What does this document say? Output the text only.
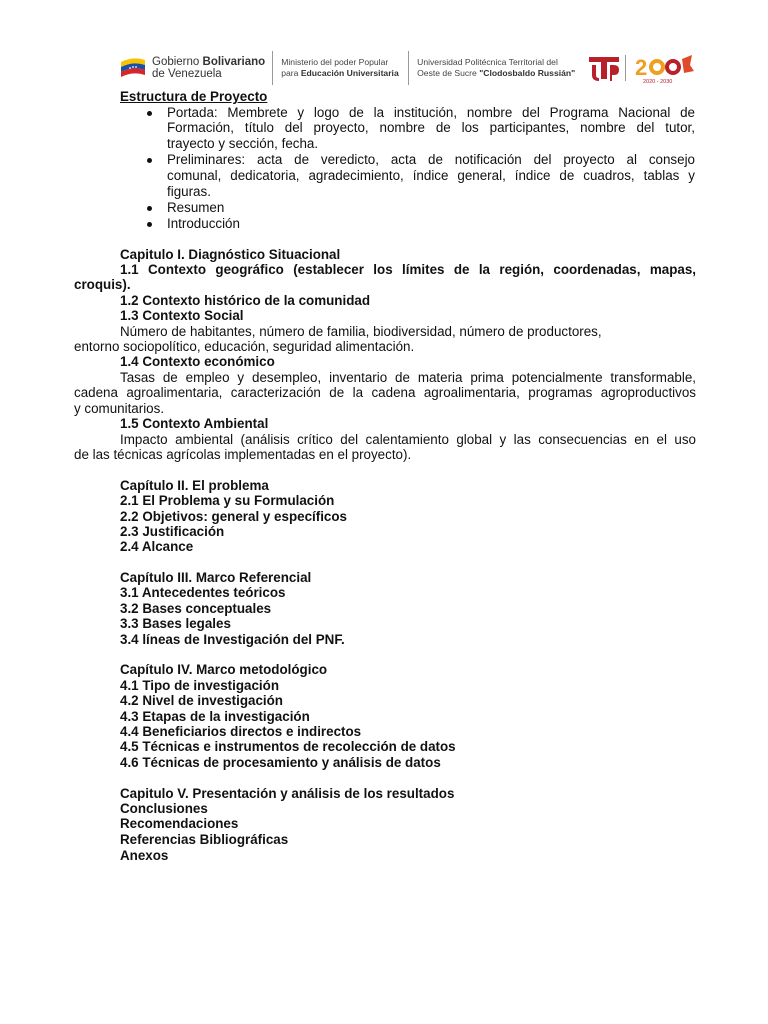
Gobierno Bolivariano
de Venezuela
Ministerio del poder Popular
para Educación Universitaria
Universidad Politécnica Territorial del
Oeste de Sucre "Clodosbaldo Russián"	2
2020 - 2030
Estructura de Proyecto
Portada: Membrete y logo de la institución, nombre del Programa Nacional de
Formación, título del proyecto, nombre de los participantes, nombre del tutor,
trayecto y sección, fecha.
Preliminares: acta de veredicto, acta de notificación del proyecto al consejo
comunal, dedicatoria, agradecimiento, índice general, índice de cuadros, tablas y
figuras.
Resumen
Introducción
Capitulo I. Diagnóstico Situacional
1.1 Contexto geográfico (establecer los límites de la región, coordenadas, mapas,
croquis).
1.2 Contexto histórico de la comunidad
1.3 Contexto Social
Número de habitantes, número de familia, biodiversidad, número de productores,
entorno sociopolítico, educación, seguridad alimentación.
1.4 Contexto económico
Tasas de empleo y desempleo, inventario de materia prima potencialmente transformable,
cadena agroalimentaria, caracterización de la cadena agroalimentaria, programas agroproductivos
y comunitarios.
1.5 Contexto Ambiental
Impacto ambiental (análisis crítico del calentamiento global y las consecuencias en el uso
de las técnicas agrícolas implementadas en el proyecto).
Capítulo II. El problema
2.1 El Problema y su Formulación
2.2 Objetivos: general y específicos
2.3 Justificación
2.4 Alcance
Capítulo III. Marco Referencial
3.1 Antecedentes teóricos
3.2 Bases conceptuales
3.3 Bases legales
3.4 líneas de Investigación del PNF.
Capítulo IV. Marco metodológico
4.1 Tipo de investigación
4.2 Nivel de investigación
4.3 Etapas de la investigación
4.4 Beneficiarios directos e indirectos
4.5 Técnicas e instrumentos de recolección de datos
4.6 Técnicas de procesamiento y análisis de datos
Capitulo V. Presentación y análisis de los resultados
Conclusiones
Recomendaciones
Referencias Bibliográficas
Anexos
